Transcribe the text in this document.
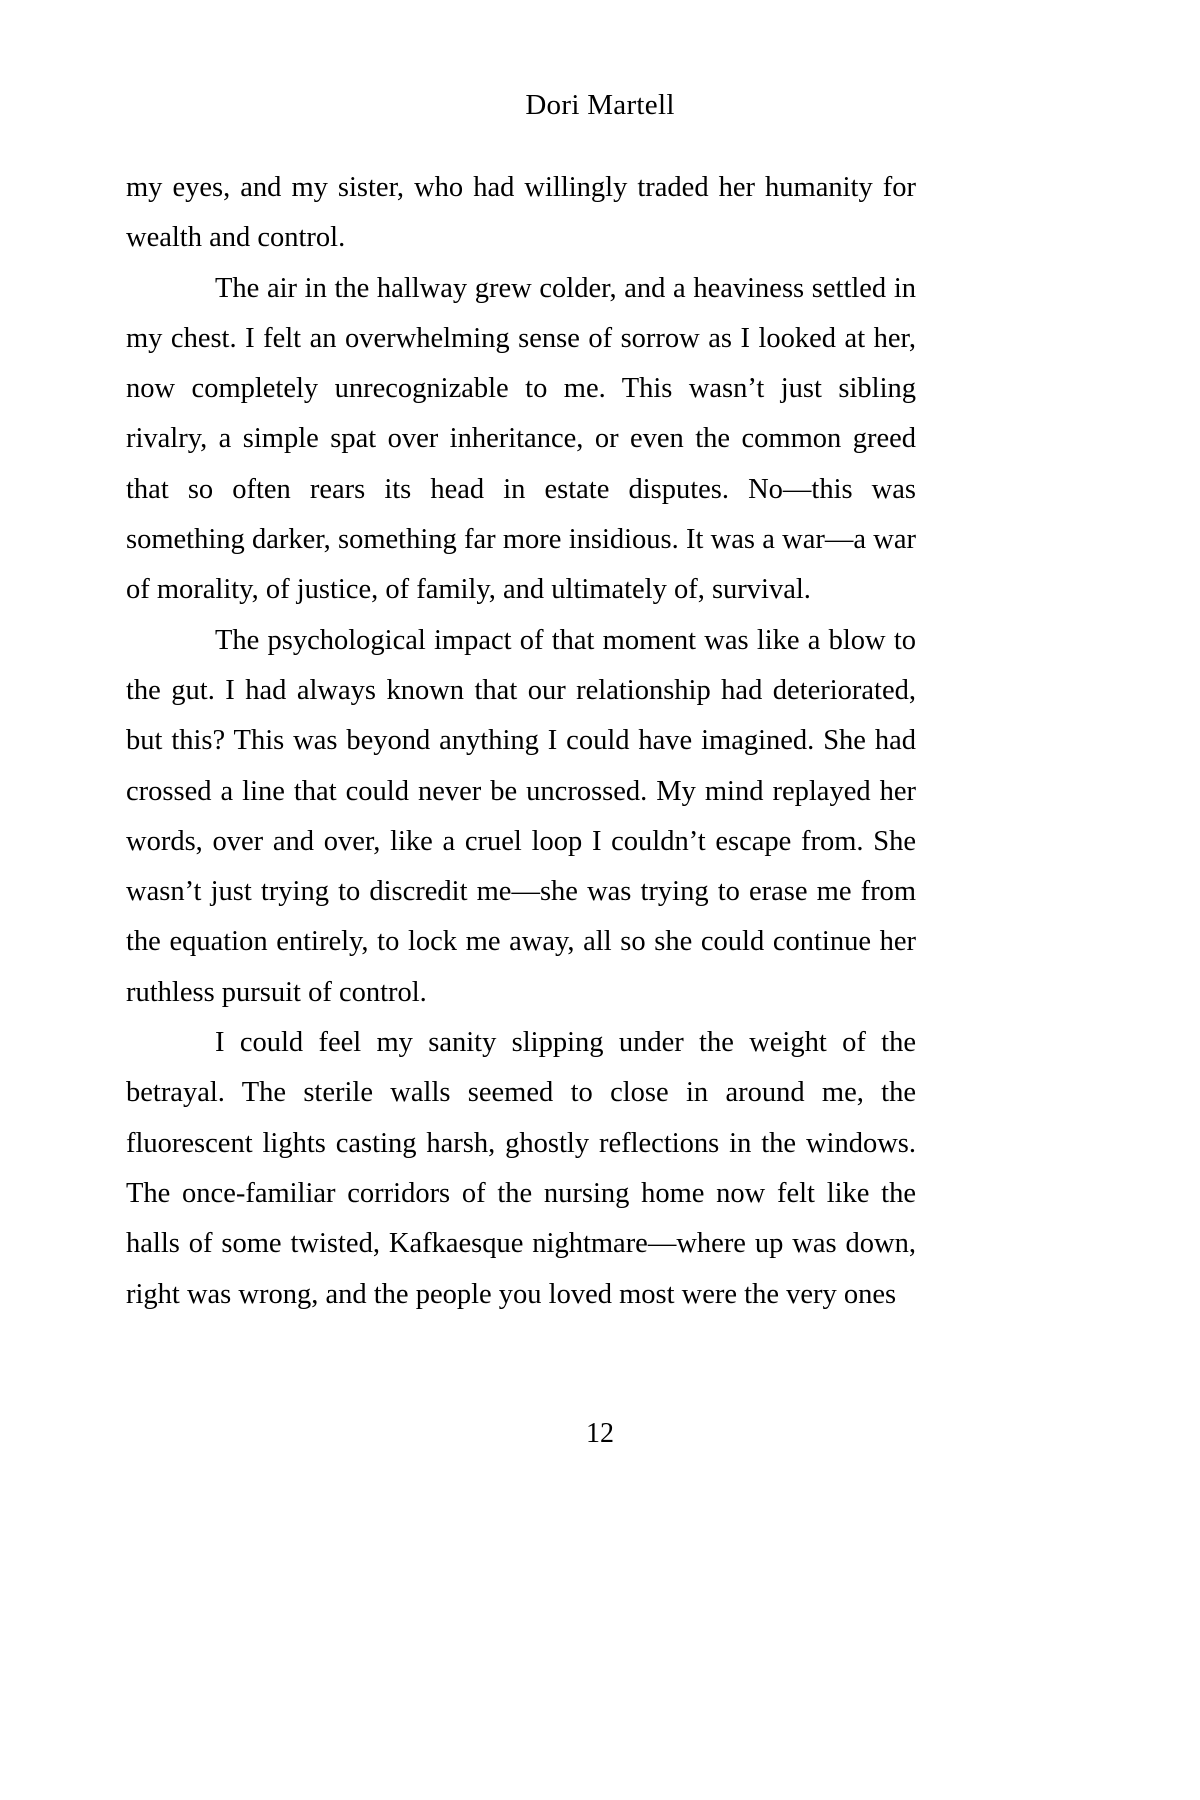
Dori Martell

my eyes, and my sister, who had willingly traded her humanity for wealth and control.

The air in the hallway grew colder, and a heaviness settled in my chest. I felt an overwhelming sense of sorrow as I looked at her, now completely unrecognizable to me. This wasn’t just sibling rivalry, a simple spat over inheritance, or even the common greed that so often rears its head in estate disputes. No—this was something darker, something far more insidious. It was a war—a war of morality, of justice, of family, and ultimately of, survival.

The psychological impact of that moment was like a blow to the gut. I had always known that our relationship had deteriorated, but this? This was beyond anything I could have imagined. She had crossed a line that could never be uncrossed. My mind replayed her words, over and over, like a cruel loop I couldn’t escape from. She wasn’t just trying to discredit me—she was trying to erase me from the equation entirely, to lock me away, all so she could continue her ruthless pursuit of control.

I could feel my sanity slipping under the weight of the betrayal. The sterile walls seemed to close in around me, the fluorescent lights casting harsh, ghostly reflections in the windows. The once-familiar corridors of the nursing home now felt like the halls of some twisted, Kafkaesque nightmare—where up was down, right was wrong, and the people you loved most were the very ones

12
